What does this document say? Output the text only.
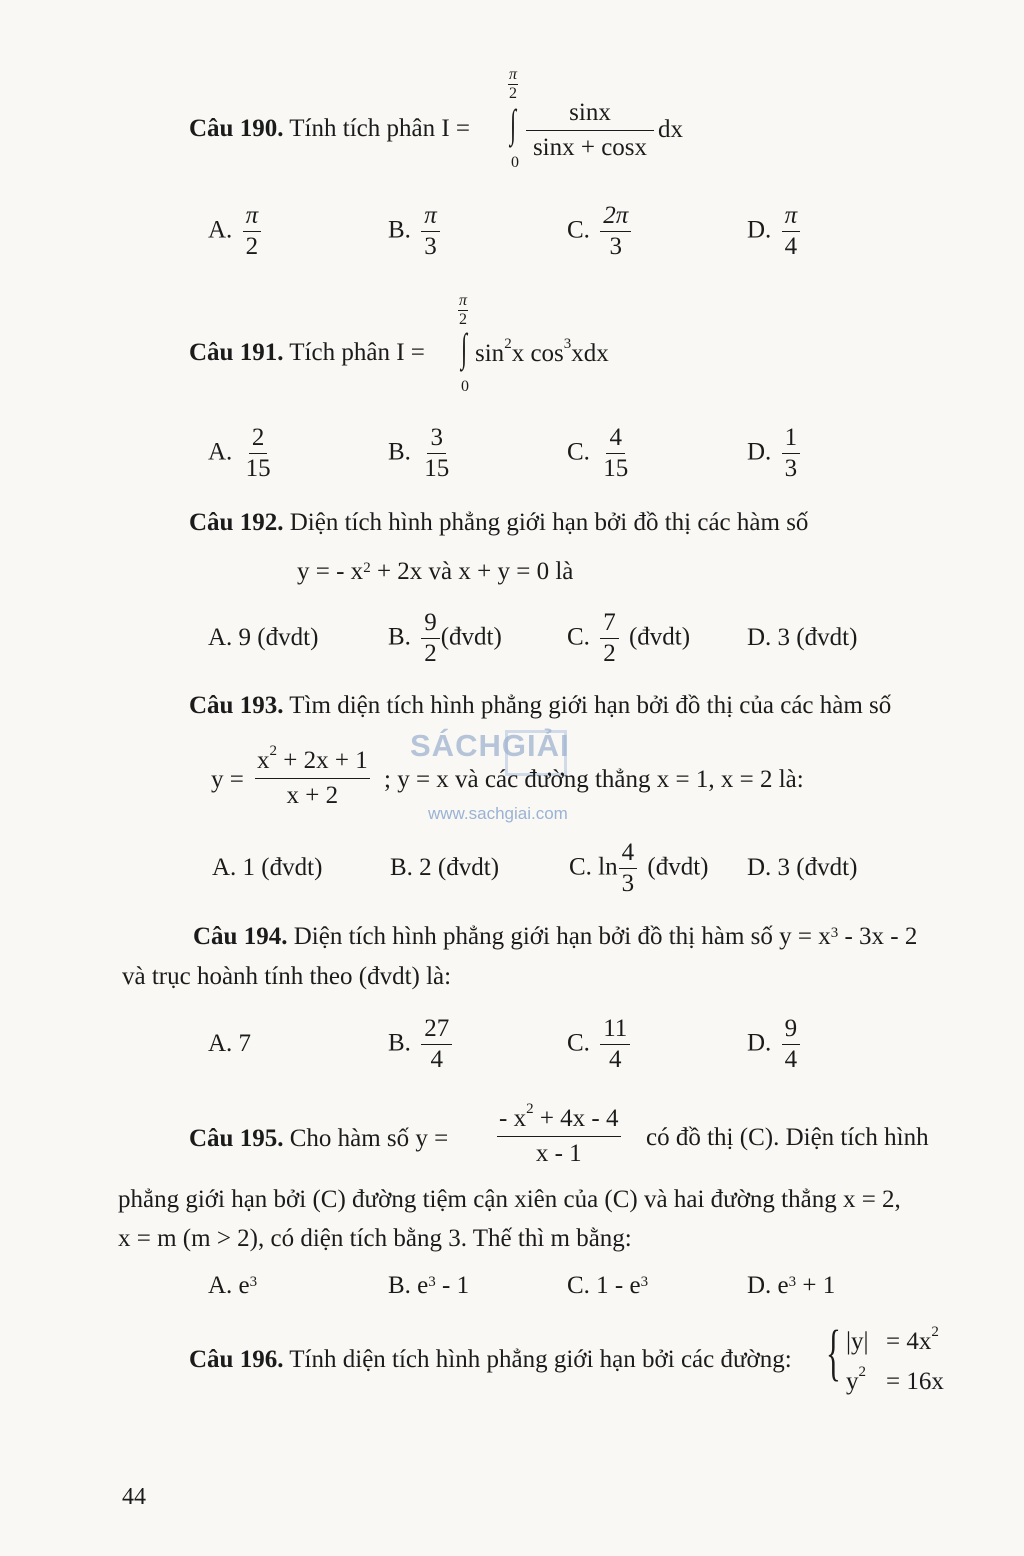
SÁCHGIẢI
www.sachgiai.com
Câu 190. Tính tích phân I =
$\frac{\pi}{2}$
∫
0
$\frac{\sin x}{\sin x + \cos x}$ dx
A. $\frac{\pi}{2}$	B. $\frac{\pi}{3}$	C. $\frac{2\pi}{3}$	D. $\frac{\pi}{4}$
Câu 191. Tích phân I =
$\frac{\pi}{2}$
∫
0
$\sin^2x$ $\cos^3xdx$
A. $\frac{2}{15}$	B. $\frac{3}{15}$	C. $\frac{4}{15}$	D. $\frac{1}{3}$
Câu 192. Diện tích hình phẳng giới hạn bởi đồ thị các hàm số
y = - $x^2 + 2x$ và x + y = 0 là
A. 9 (đvdt)	B. $\frac{9}{2}$ (đvdt)	C. $\frac{7}{2}$ (đvdt) D. 3 (đvdt)
Câu 193. Tìm diện tích hình phẳng giới hạn bởi đồ thị của các hàm số
$y = \frac{x^2 + 2x + 1}{x + 2}$ ; y = x và các đường thẳng x = 1, x = 2 là:
A. 1 (đvdt)	B. 2 (đvdt)	C. $\ln \frac{4}{3}$ (đvdt) D. 3 (đvdt)
Câu 194. Diện tích hình phẳng giới hạn bởi đồ thị hàm số $y = x^3 - 3x - 2$
và trục hoành tính theo (đvdt) là:
A. 7	B. $\frac{27}{4}$	C. $\frac{11}{4}$	D. $\frac{9}{4}$
Câu 195. Cho hàm số $y = \frac{- x^2 + 4x - 4}{x - 1}$ có đồ thị (C). Diện tích hình
phẳng giới hạn bởi (C) đường tiệm cận xiên của (C) và hai đường thẳng x = 2,
x = m (m > 2), có diện tích bằng 3. Thế thì m bằng:
A. $e^3$	B. $e^3 - 1$	C. $1 - e^3$	D. $e^3 + 1$
Câu 196. Tính diện tích hình phẳng giới hạn bởi các đường: { $|y| = 4x^2$
$y^2 = 16x$
44
